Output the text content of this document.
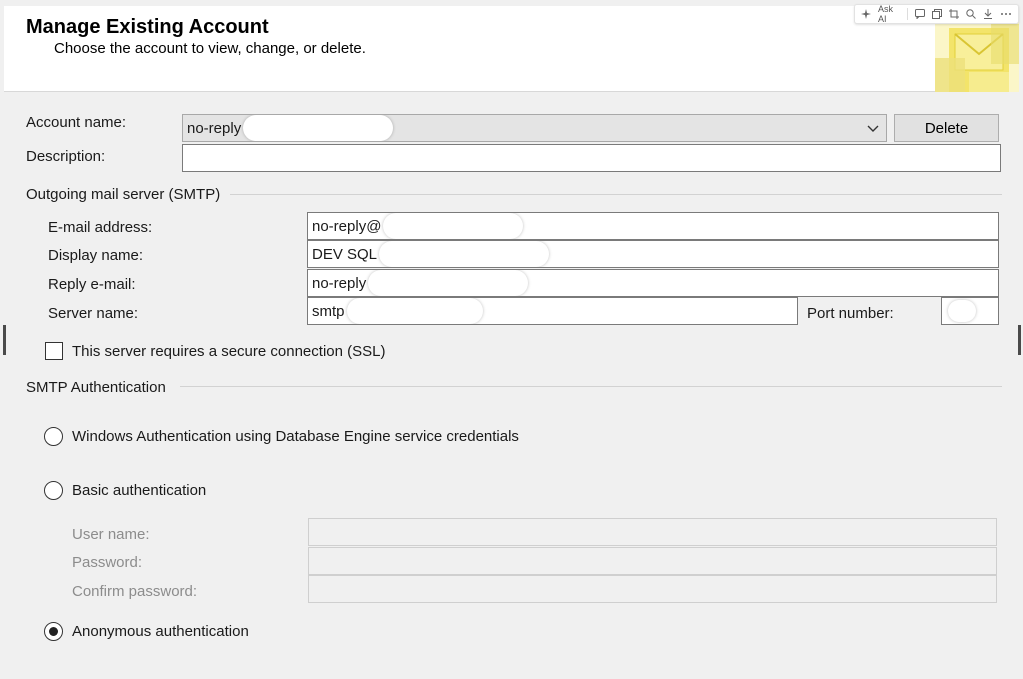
Manage Existing Account
Choose the account to view, change, or delete.
Ask AI
Account name:	no-reply	Delete
Description:
Outgoing mail server (SMTP)
E-mail address:	no-reply@
Display name:	DEV SQL
Reply e-mail:	no-reply
Server name:	smtp	Port number:
This server requires a secure connection (SSL)
SMTP Authentication
Windows Authentication using Database Engine service credentials
Basic authentication
User name:
Password:
Confirm password:
Anonymous authentication
